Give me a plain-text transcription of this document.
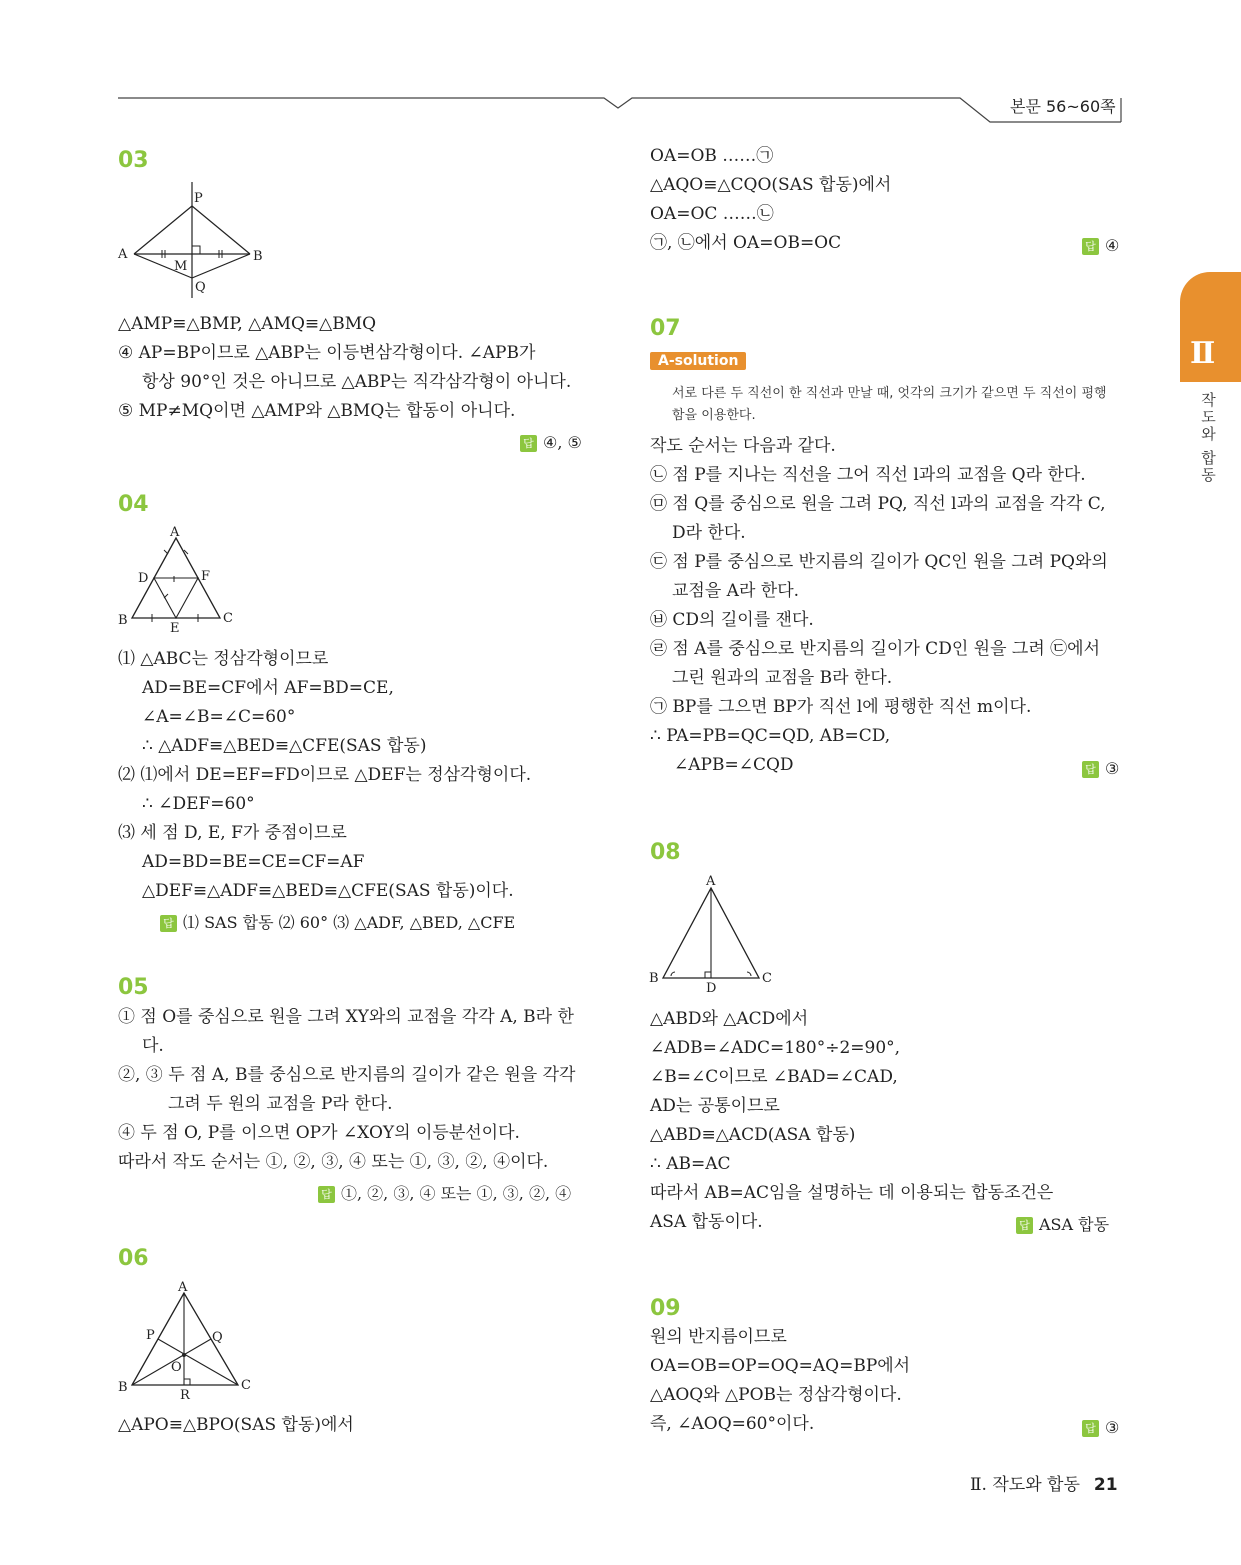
본문 56~60쪽
Ⅱ
작도와 합동
03
P
A
M
B
Q
△AMP≡△BMP, △AMQ≡△BMQ
④ AP=BP이므로 △ABP는 이등변삼각형이다. ∠APB가
항상 90°인 것은 아니므로 △ABP는 직각삼각형이 아니다.
⑤ MP≠MQ이면 △AMP와 △BMQ는 합동이 아니다.
답 ④, ⑤
04
A
D	F
B
E
C
⑴ △ABC는 정삼각형이므로
AD=BE=CF에서 AF=BD=CE,
∠A=∠B=∠C=60°
∴ △ADF≡△BED≡△CFE(SAS 합동)
⑵ ⑴에서 DE=EF=FD이므로 △DEF는 정삼각형이다.
∴ ∠DEF=60°
⑶ 세 점 D, E, F가 중점이므로
AD=BD=BE=CE=CF=AF
△DEF≡△ADF≡△BED≡△CFE(SAS 합동)이다.
답 ⑴ SAS 합동 ⑵ 60° ⑶ △ADF, △BED, △CFE
05
① 점 O를 중심으로 원을 그려 XY와의 교점을 각각 A, B라 한
다.
②, ③ 두 점 A, B를 중심으로 반지름의 길이가 같은 원을 각각
그려 두 원의 교점을 P라 한다.
④ 두 점 O, P를 이으면 OP가 ∠XOY의 이등분선이다.
따라서 작도 순서는 ①, ②, ③, ④ 또는 ①, ③, ②, ④이다.
답 ①, ②, ③, ④ 또는 ①, ③, ②, ④
06
A
P	Q
O
B
R
C
△APO≡△BPO(SAS 합동)에서
OA=OB ……㉠
△AQO≡△CQO(SAS 합동)에서
OA=OC ……㉡
㉠, ㉡에서 OA=OB=OC	답 ④
07
A-solution
서로 다른 두 직선이 한 직선과 만날 때, 엇각의 크기가 같으면 두 직선이 평행
함을 이용한다.
작도 순서는 다음과 같다.
㉡ 점 P를 지나는 직선을 그어 직선 l과의 교점을 Q라 한다.
㉤ 점 Q를 중심으로 원을 그려 PQ, 직선 l과의 교점을 각각 C,
D라 한다.
㉢ 점 P를 중심으로 반지름의 길이가 QC인 원을 그려 PQ와의
교점을 A라 한다.
㉥ CD의 길이를 잰다.
㉣ 점 A를 중심으로 반지름의 길이가 CD인 원을 그려 ㉢에서
그린 원과의 교점을 B라 한다.
㉠ BP를 그으면 BP가 직선 l에 평행한 직선 m이다.
∴ PA=PB=QC=QD, AB=CD,
∠APB=∠CQD	답 ③
08
A
B
D
C
△ABD와 △ACD에서
∠ADB=∠ADC=180°÷2=90°,
∠B=∠C이므로 ∠BAD=∠CAD,
AD는 공통이므로
△ABD≡△ACD(ASA 합동)
∴ AB=AC
따라서 AB=AC임을 설명하는 데 이용되는 합동조건은
ASA 합동이다.	답 ASA 합동
09
원의 반지름이므로
OA=OB=OP=OQ=AQ=BP에서
△AOQ와 △POB는 정삼각형이다.
즉, ∠AOQ=60°이다.	답 ③
Ⅱ. 작도와 합동 21
